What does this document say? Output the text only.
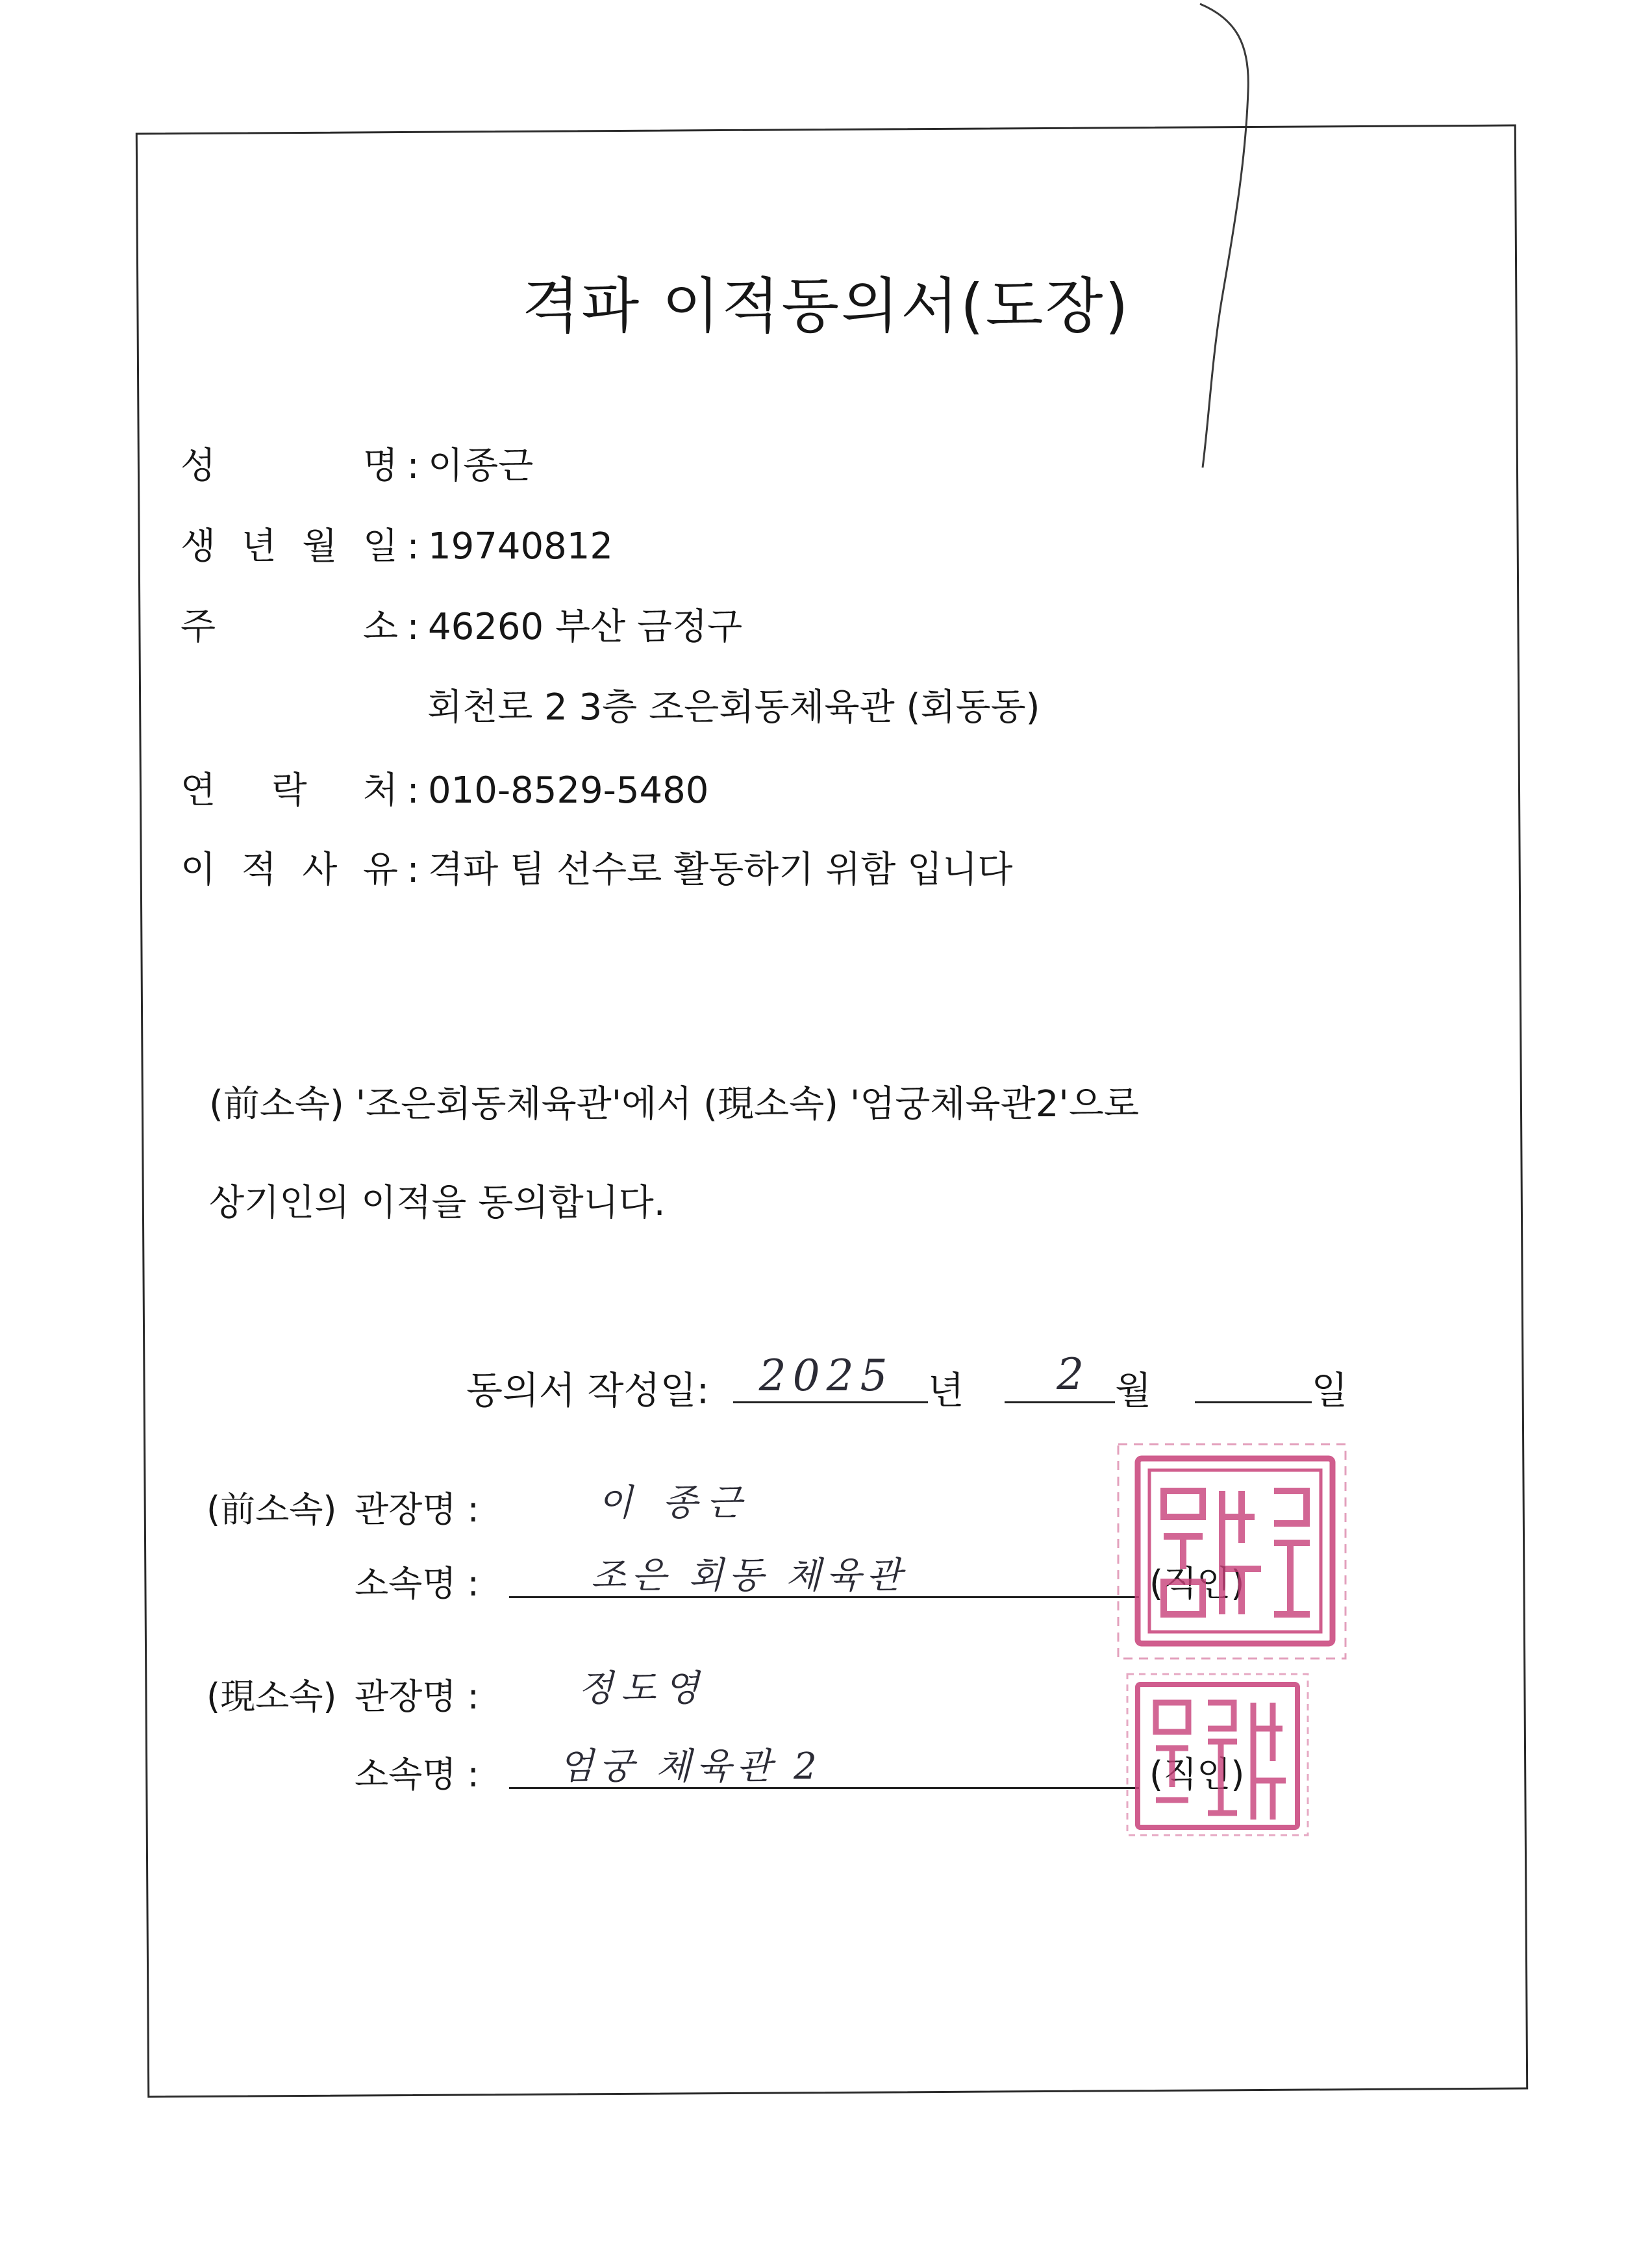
격파 이적동의서(도장)
성	명 : 이종근
생 년 월 일 : 19740812
주	소 : 46260 부산 금정구
회천로 2 3층 조은회동체육관 (회동동)
연 락 처 : 010-8529-5480
이 적 사 유 : 격파 팀 선수로 활동하기 위함 입니다
(前소속) '조은회동체육관'에서 (現소속) '엄궁체육관2'으로
상기인의 이적을 동의합니다.
동의서 작성일: 2025 년 2 월	일
(前소속) 관장명 :	이 종근
소속명 :	조은 회동 체육관	(직인)
(現소속) 관장명 :	정도영
소속명 : 엄궁 체육관 2	(직인)
